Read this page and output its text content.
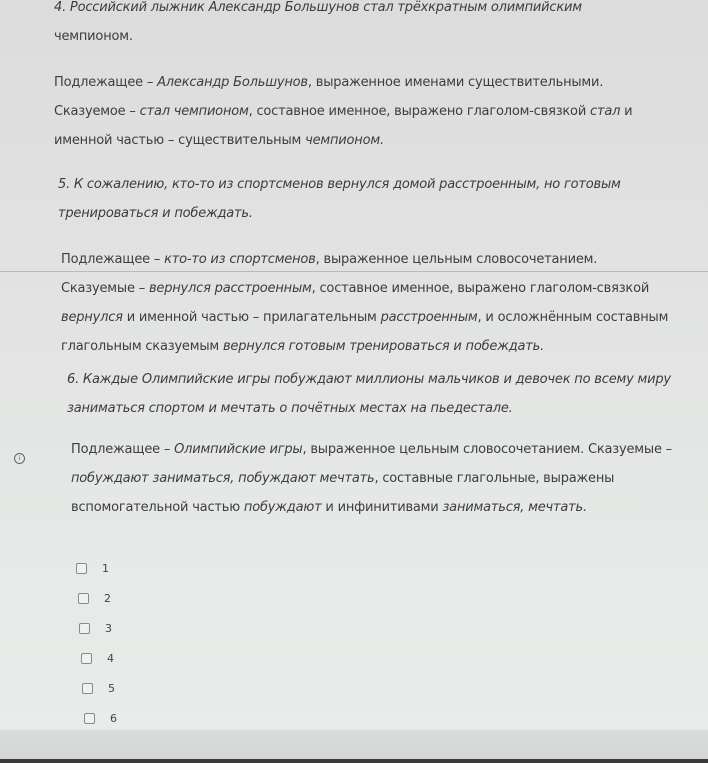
4. Российский лыжник Александр Большунов стал трёхкратным олимпийским
чемпионом.
Подлежащее – Александр Большунов, выраженное именами существительными.
Сказуемое – стал чемпионом, составное именное, выражено глаголом-связкой стал и
именной частью – существительным чемпионом.
5. К сожалению, кто-то из спортсменов вернулся домой расстроенным, но готовым
тренироваться и побеждать.
Подлежащее – кто-то из спортсменов, выраженное цельным словосочетанием.
Сказуемые – вернулся расстроенным, составное именное, выражено глаголом-связкой
вернулся и именной частью – прилагательным расстроенным, и осложнённым составным
глагольным сказуемым вернулся готовым тренироваться и побеждать.
6. Каждые Олимпийские игры побуждают миллионы мальчиков и девочек по всему миру
заниматься спортом и мечтать о почётных местах на пьедестале.
i
Подлежащее – Олимпийские игры, выраженное цельным словосочетанием. Сказуемые –
побуждают заниматься, побуждают мечтать, составные глагольные, выражены
вспомогательной частью побуждают и инфинитивами заниматься, мечтать.
1
2
3
4
5
6
